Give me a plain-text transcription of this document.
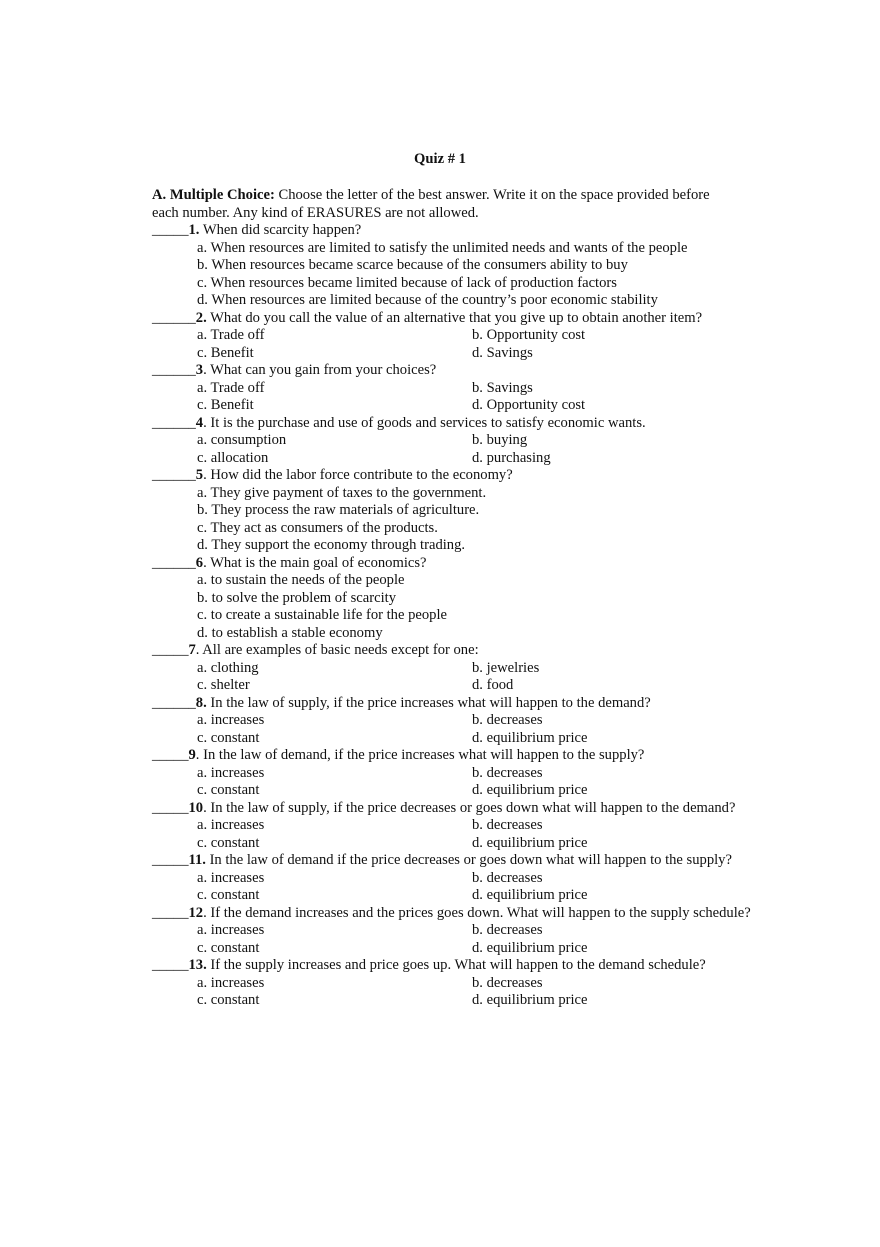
Quiz # 1
A. Multiple Choice: Choose the letter of the best answer. Write it on the space provided before each number. Any kind of ERASURES are not allowed.
_____1. When did scarcity happen?
a. When resources are limited to satisfy the unlimited needs and wants of the people
b. When resources became scarce because of the consumers ability to buy
c. When resources became limited because of lack of production factors
d. When resources are limited because of the country’s poor economic stability
______2. What do you call the value of an alternative that you give up to obtain another item?
a. Trade off	b. Opportunity cost
c. Benefit	d. Savings
______3. What can you gain from your choices?
a. Trade off	b. Savings
c. Benefit	d. Opportunity cost
______4. It is the purchase and use of goods and services to satisfy economic wants.
a. consumption	b. buying
c. allocation	d. purchasing
______5. How did the labor force contribute to the economy?
a. They give payment of taxes to the government.
b. They process the raw materials of agriculture.
c. They act as consumers of the products.
d. They support the economy through trading.
______6. What is the main goal of economics?
a. to sustain the needs of the people
b. to solve the problem of scarcity
c. to create a sustainable life for the people
d. to establish a stable economy
_____7. All are examples of basic needs except for one:
a. clothing	b. jewelries
c. shelter	d. food
______8. In the law of supply, if the price increases what will happen to the demand?
a. increases	b. decreases
c. constant	d. equilibrium price
_____9. In the law of demand, if the price increases what will happen to the supply?
a. increases	b. decreases
c. constant	d. equilibrium price
_____10. In the law of supply, if the price decreases or goes down what will happen to the demand?
a. increases	b. decreases
c. constant	d. equilibrium price
_____11. In the law of demand if the price decreases or goes down what will happen to the supply?
a. increases	b. decreases
c. constant	d. equilibrium price
_____12. If the demand increases and the prices goes down. What will happen to the supply schedule?
a. increases	b. decreases
c. constant	d. equilibrium price
_____13. If the supply increases and price goes up. What will happen to the demand schedule?
a. increases	b. decreases
c. constant	d. equilibrium price
